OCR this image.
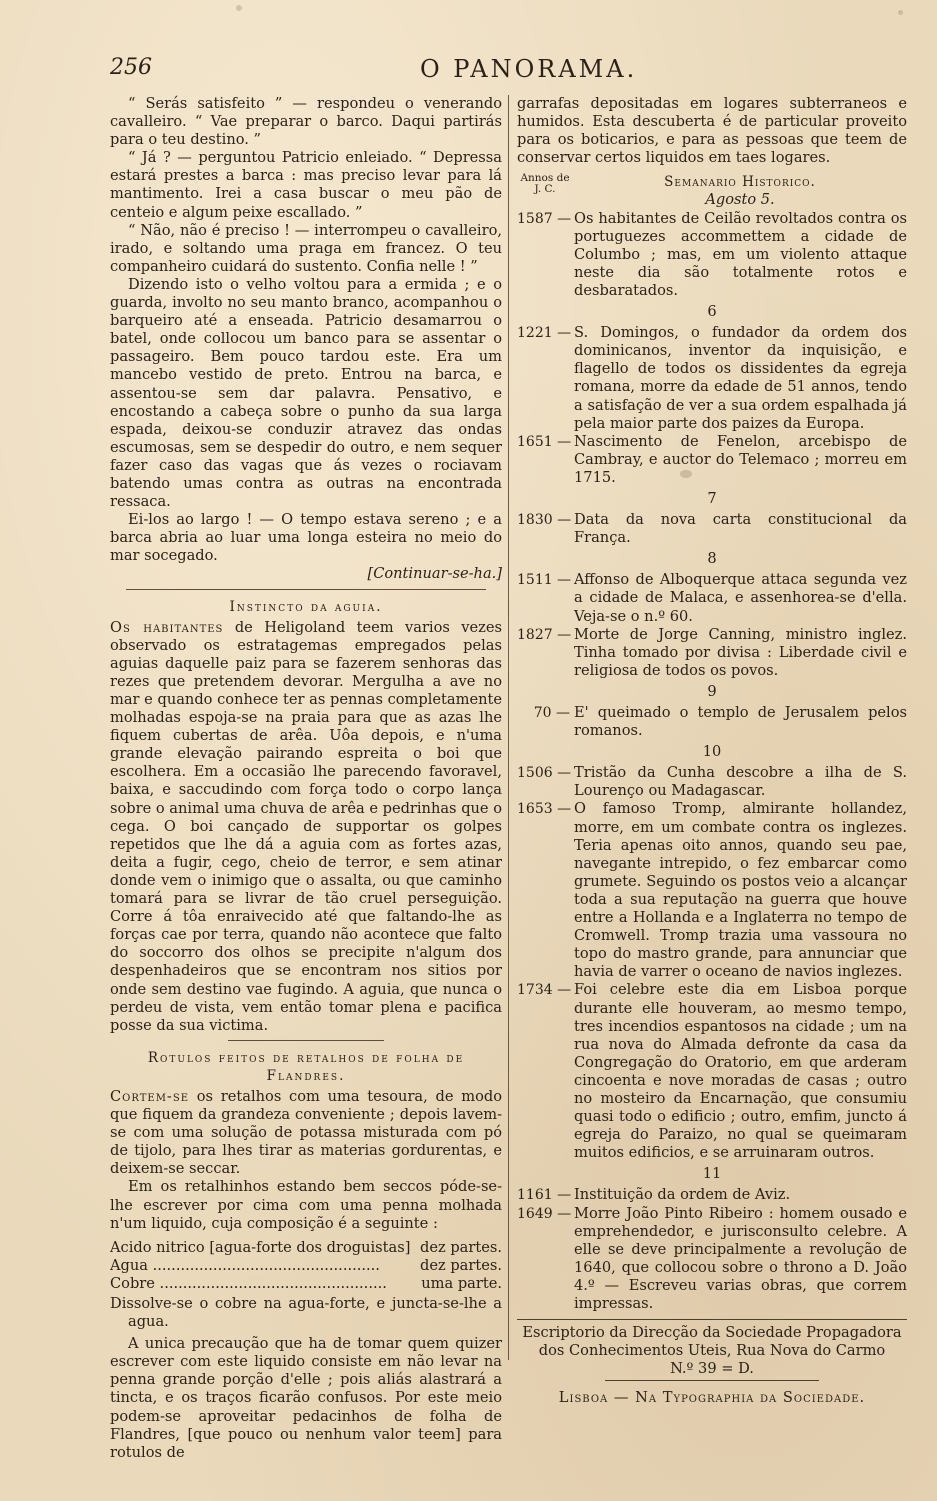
256	O PANORAMA.

“ Serás satisfeito ” — respondeu o venerando cavalleiro. “ Vae preparar o barco. Daqui partirás para o teu destino. ”

“ Já ? — perguntou Patricio enleiado. “ Depressa estará prestes a barca : mas preciso levar para lá mantimento. Irei a casa buscar o meu pão de centeio e algum peixe escallado. ”

“ Não, não é preciso ! — interrompeu o cavalleiro, irado, e soltando uma praga em francez. O teu companheiro cuidará do sustento. Confia nelle ! ”

Dizendo isto o velho voltou para a ermida ; e o guarda, involto no seu manto branco, acompanhou o barqueiro até a enseada. Patricio desamarrou o batel, onde collocou um banco para se assentar o passageiro. Bem pouco tardou este. Era um mancebo vestido de preto. Entrou na barca, e assentou-se sem dar palavra. Pensativo, e encostando a cabeça sobre o punho da sua larga espada, deixou-se conduzir atravez das ondas escumosas, sem se despedir do outro, e nem sequer fazer caso das vagas que ás vezes o rociavam batendo umas contra as outras na encontrada ressaca.

Ei-los ao largo ! — O tempo estava sereno ; e a barca abria ao luar uma longa esteira no meio do mar socegado.

[Continuar-se-ha.]

Instincto da aguia.

Os habitantes de Heligoland teem varios vezes observado os estratagemas empregados pelas aguias daquelle paiz para se fazerem senhoras das rezes que pretendem devorar. Mergulha a ave no mar e quando conhece ter as pennas completamente molhadas espoja-se na praia para que as azas lhe fiquem cubertas de arêa. Uôa depois, e n'uma grande elevação pairando espreita o boi que escolhera. Em a occasião lhe parecendo favoravel, baixa, e saccudindo com força todo o corpo lança sobre o animal uma chuva de arêa e pedrinhas que o cega. O boi cançado de supportar os golpes repetidos que lhe dá a aguia com as fortes azas, deita a fugir, cego, cheio de terror, e sem atinar donde vem o inimigo que o assalta, ou que caminho tomará para se livrar de tão cruel perseguição. Corre á tôa enraivecido até que faltando-lhe as forças cae por terra, quando não acontece que falto do soccorro dos olhos se precipite n'algum dos despenhadeiros que se encontram nos sitios por onde sem destino vae fugindo. A aguia, que nunca o perdeu de vista, vem então tomar plena e pacifica posse da sua victima.

Rotulos feitos de retalhos de folha de Flandres.

Cortem-se os retalhos com uma tesoura, de modo que fiquem da grandeza conveniente ; depois lavem-se com uma solução de potassa misturada com pó de tijolo, para lhes tirar as materias gordurentas, e deixem-se seccar.

Em os retalhinhos estando bem seccos póde-se-lhe escrever por cima com uma penna molhada n'um liquido, cuja composição é a seguinte :

Acido nitrico [agua-forte dos droguistas] dez partes.
Agua .................................................	dez partes.
Cobre .................................................	uma parte.

Dissolve-se o cobre na agua-forte, e juncta-se-lhe a agua.

A unica precaução que ha de tomar quem quizer escrever com este liquido consiste em não levar na penna grande porção d'elle ; pois aliás alastrará a tincta, e os traços ficarão confusos. Por este meio podem-se aproveitar pedacinhos de folha de Flandres, [que pouco ou nenhum valor teem] para rotulos de

garrafas depositadas em logares subterraneos e humidos. Esta descuberta é de particular proveito para os boticarios, e para as pessoas que teem de conservar certos liquidos em taes logares.

Annos de J. C.	Semanario Historico.
Agosto 5.
1587 — Os habitantes de Ceilão revoltados contra os portuguezes accommettem a cidade de Columbo ; mas, em um violento attaque neste dia são totalmente rotos e desbaratados.
6
1221 — S. Domingos, o fundador da ordem dos dominicanos, inventor da inquisição, e flagello de todos os dissidentes da egreja romana, morre da edade de 51 annos, tendo a satisfação de ver a sua ordem espalhada já pela maior parte dos paizes da Europa.
1651 — Nascimento de Fenelon, arcebispo de Cambray, e auctor do Telemaco ; morreu em 1715.
7
1830 — Data da nova carta constitucional da França.
8
1511 — Affonso de Alboquerque attaca segunda vez a cidade de Malaca, e assenhorea-se d'ella. Veja-se o n.º 60.
1827 — Morte de Jorge Canning, ministro inglez. Tinha tomado por divisa : Liberdade civil e religiosa de todos os povos.
9
70 — E' queimado o templo de Jerusalem pelos romanos.
10
1506 — Tristão da Cunha descobre a ilha de S. Lourenço ou Madagascar.
1653 — O famoso Tromp, almirante hollandez, morre, em um combate contra os inglezes. Teria apenas oito annos, quando seu pae, navegante intrepido, o fez embarcar como grumete. Seguindo os postos veio a alcançar toda a sua reputação na guerra que houve entre a Hollanda e a Inglaterra no tempo de Cromwell. Tromp trazia uma vassoura no topo do mastro grande, para annunciar que havia de varrer o oceano de navios inglezes.
1734 — Foi celebre este dia em Lisboa porque durante elle houveram, ao mesmo tempo, tres incendios espantosos na cidade ; um na rua nova do Almada defronte da casa da Congregação do Oratorio, em que arderam cincoenta e nove moradas de casas ; outro no mosteiro da Encarnação, que consumiu quasi todo o edificio ; outro, emfim, juncto á egreja do Paraizo, no qual se queimaram muitos edificios, e se arruinaram outros.
11
1161 — Instituição da ordem de Aviz.
1649 — Morre João Pinto Ribeiro : homem ousado e emprehendedor, e jurisconsulto celebre. A elle se deve principalmente a revolução de 1640, que collocou sobre o throno a D. João 4.º — Escreveu varias obras, que correm impressas.

Escriptorio da Direcção da Sociedade Propagadora dos Conhecimentos Uteis, Rua Nova do Carmo

N.º 39 = D.

Lisboa — Na Typographia da Sociedade.
